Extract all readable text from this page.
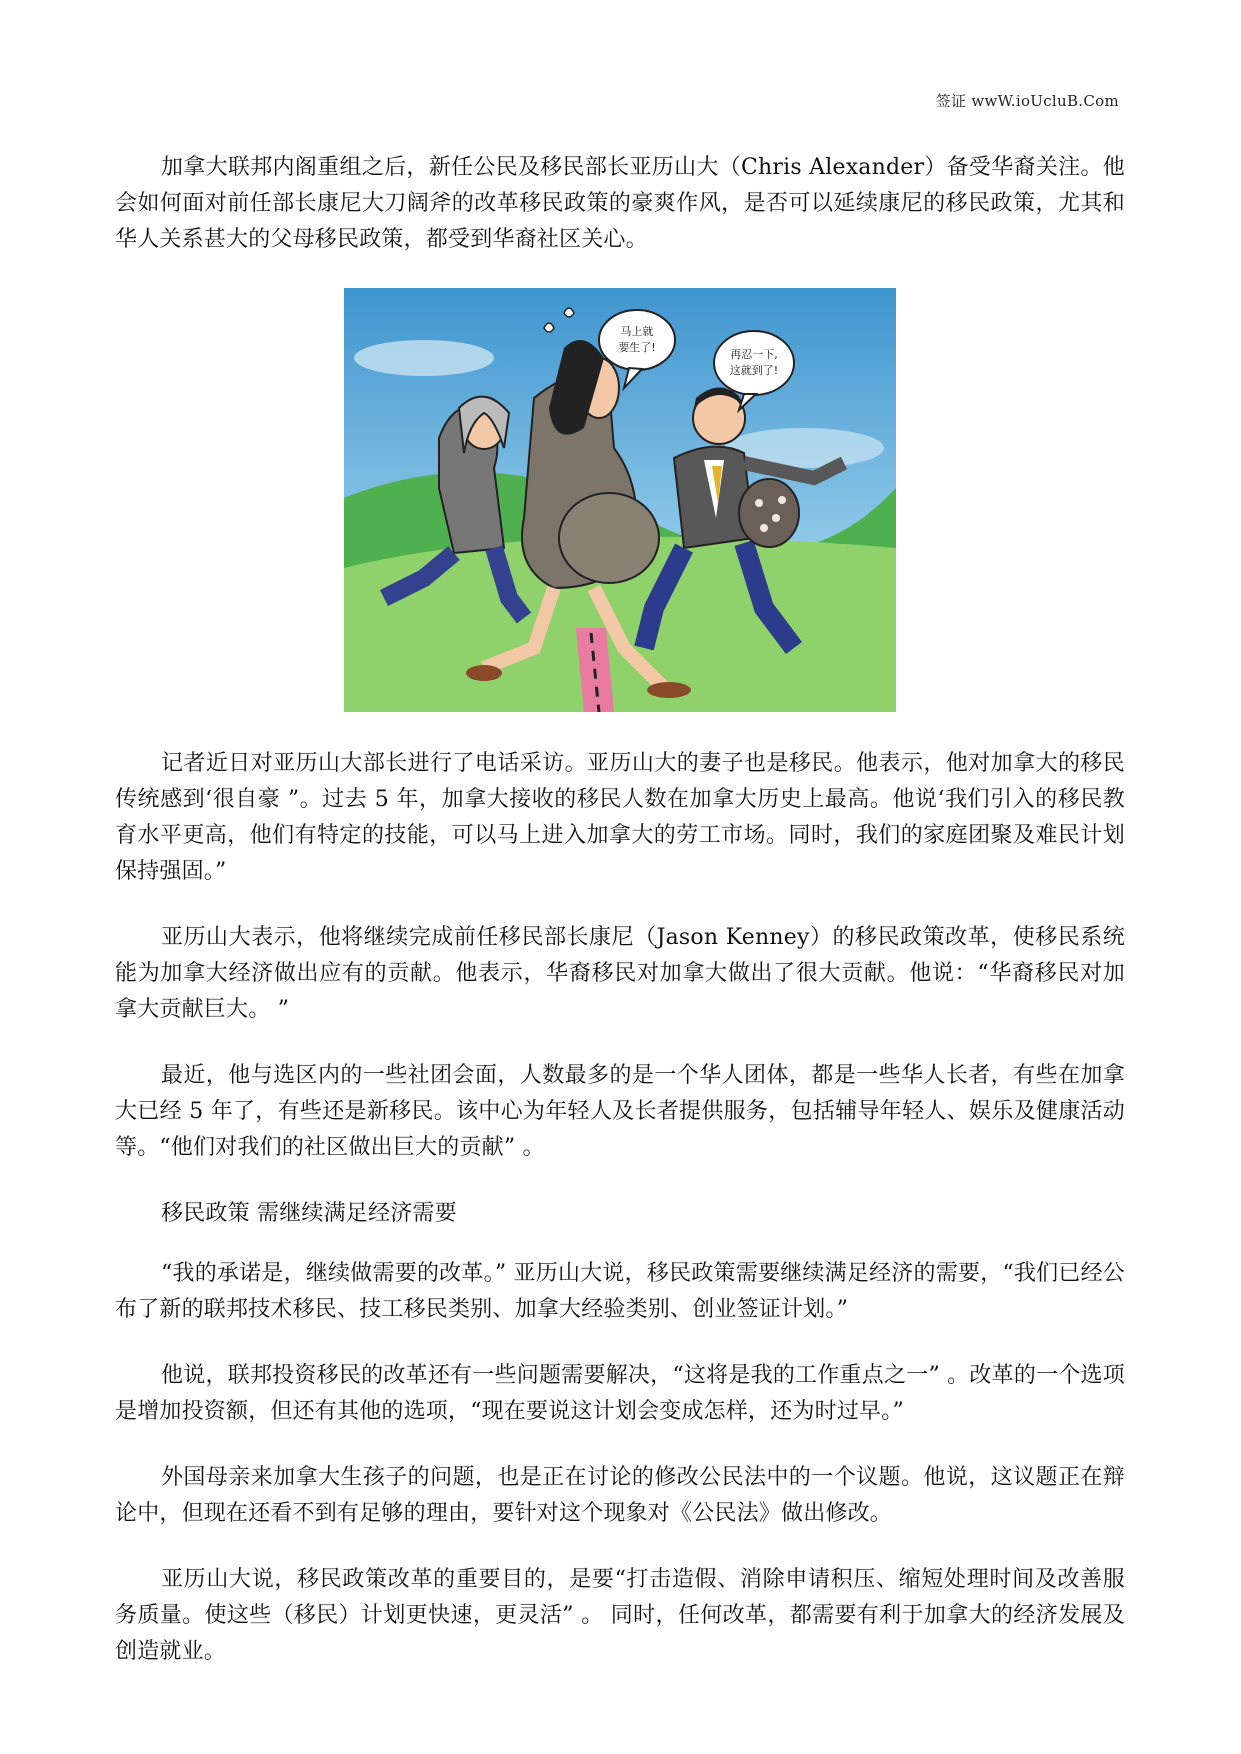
签证 wwW.ioUcluB.Com

加拿大联邦内阁重组之后，新任公民及移民部长亚历山大（Chris Alexander）备受华裔关注。他会如何面对前任部长康尼大刀阔斧的改革移民政策的豪爽作风，是否可以延续康尼的移民政策，尤其和华人关系甚大的父母移民政策，都受到华裔社区关心。

马上就
要生了!
再忍一下,
这就到了!

记者近日对亚历山大部长进行了电话采访。亚历山大的妻子也是移民。他表示，他对加拿大的移民传统感到‘很自豪 ”。过去 5 年，加拿大接收的移民人数在加拿大历史上最高。他说‘我们引入的移民教育水平更高，他们有特定的技能，可以马上进入加拿大的劳工市场。同时，我们的家庭团聚及难民计划保持强固。”

亚历山大表示，他将继续完成前任移民部长康尼（Jason Kenney）的移民政策改革，使移民系统能为加拿大经济做出应有的贡献。他表示，华裔移民对加拿大做出了很大贡献。他说：“华裔移民对加拿大贡献巨大。 ”

最近，他与选区内的一些社团会面，人数最多的是一个华人团体，都是一些华人长者，有些在加拿大已经 5 年了，有些还是新移民。该中心为年轻人及长者提供服务，包括辅导年轻人、娱乐及健康活动等。“他们对我们的社区做出巨大的贡献” 。

移民政策 需继续满足经济需要

“我的承诺是，继续做需要的改革。” 亚历山大说，移民政策需要继续满足经济的需要，“我们已经公布了新的联邦技术移民、技工移民类别、加拿大经验类别、创业签证计划。”

他说，联邦投资移民的改革还有一些问题需要解决，“这将是我的工作重点之一” 。改革的一个选项是增加投资额，但还有其他的选项，“现在要说这计划会变成怎样，还为时过早。”

外国母亲来加拿大生孩子的问题，也是正在讨论的修改公民法中的一个议题。他说，这议题正在辩论中，但现在还看不到有足够的理由，要针对这个现象对《公民法》做出修改。

亚历山大说，移民政策改革的重要目的，是要“打击造假、消除申请积压、缩短处理时间及改善服务质量。使这些（移民）计划更快速，更灵活” 。 同时，任何改革，都需要有利于加拿大的经济发展及创造就业。
